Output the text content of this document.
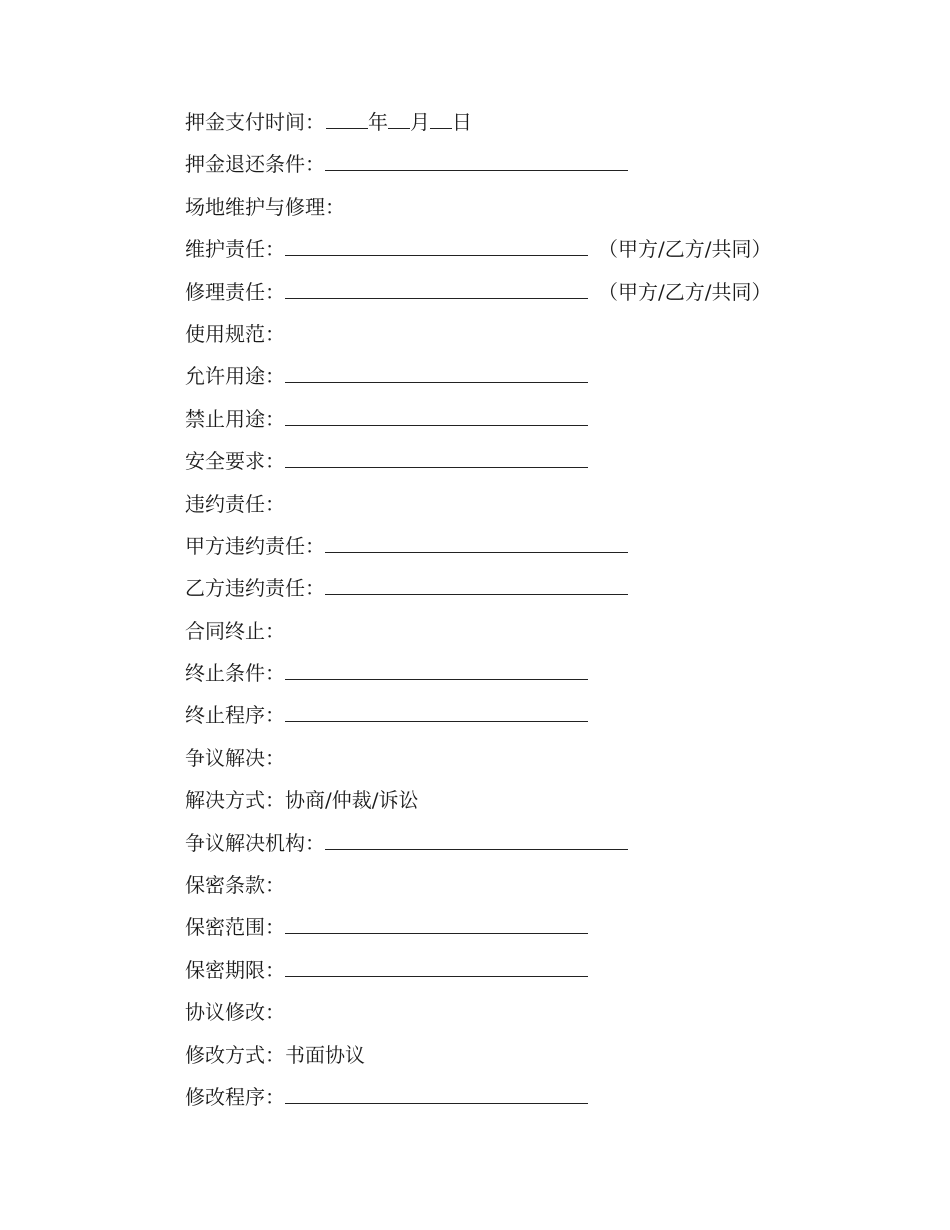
押金支付时间： 年 月 日
押金退还条件：
场地维护与修理：
维护责任：	（甲方/乙方/共同）
修理责任：	（甲方/乙方/共同）
使用规范：
允许用途：
禁止用途：
安全要求：
违约责任：
甲方违约责任：
乙方违约责任：
合同终止：
终止条件：
终止程序：
争议解决：
解决方式： 协商/仲裁/诉讼
争议解决机构：
保密条款：
保密范围：
保密期限：
协议修改：
修改方式： 书面协议
修改程序：
